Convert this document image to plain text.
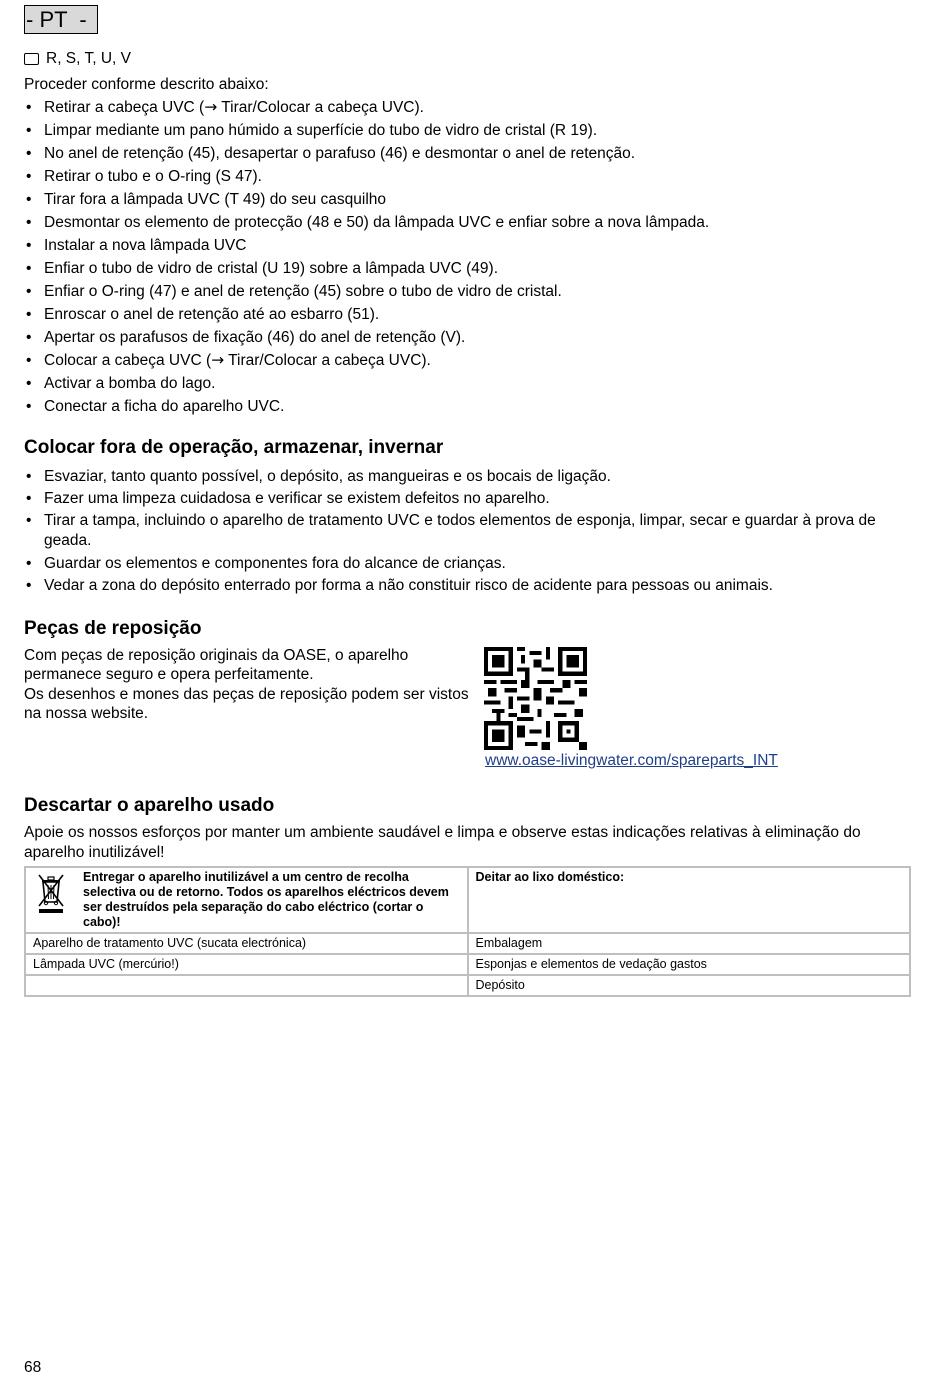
- PT  -
R, S, T, U, V
Proceder conforme descrito abaixo:
• Retirar a cabeça UVC (→ Tirar/Colocar a cabeça UVC).
• Limpar mediante um pano húmido a superfície do tubo de vidro de cristal (R 19).
• No anel de retenção (45), desapertar o parafuso (46) e desmontar o anel de retenção.
• Retirar o tubo e o O-ring (S 47).
• Tirar fora a lâmpada UVC (T 49) do seu casquilho
• Desmontar os elemento de protecção (48 e 50) da lâmpada UVC e enfiar sobre a nova lâmpada.
• Instalar a nova lâmpada UVC
• Enfiar o tubo de vidro de cristal (U 19) sobre a lâmpada UVC (49).
• Enfiar o O-ring (47) e anel de retenção (45) sobre o tubo de vidro de cristal.
• Enroscar o anel de retenção até ao esbarro (51).
• Apertar os parafusos de fixação (46) do anel de retenção (V).
• Colocar a cabeça UVC (→ Tirar/Colocar a cabeça UVC).
• Activar a bomba do lago.
• Conectar a ficha do aparelho UVC.
Colocar fora de operação, armazenar, invernar
• Esvaziar, tanto quanto possível, o depósito, as mangueiras e os bocais de ligação.
• Fazer uma limpeza cuidadosa e verificar se existem defeitos no aparelho.
• Tirar a tampa, incluindo o aparelho de tratamento UVC e todos elementos de esponja, limpar, secar e guardar à prova de geada.
• Guardar os elementos e componentes fora do alcance de crianças.
• Vedar a zona do depósito enterrado por forma a não constituir risco de acidente para pessoas ou animais.
Peças de reposição
Com peças de reposição originais da OASE, o aparelho permanece seguro e opera perfeitamente.
Os desenhos e mones das peças de reposição podem ser vistos na nossa website.
www.oase-livingwater.com/spareparts_INT
Descartar o aparelho usado
Apoie os nossos esforços por manter um ambiente saudável e limpa e observe estas indicações relativas à eliminação do aparelho inutilizável!
Entregar o aparelho inutilizável a um centro de recolha selectiva ou de retorno. Todos os aparelhos eléctricos devem ser destruídos pela separação do cabo eléctrico (cortar o cabo)!	Deitar ao lixo doméstico:
Aparelho de tratamento UVC (sucata electrónica)	Embalagem
Lâmpada UVC (mercúrio!)	Esponjas e elementos de vedação gastos
	Depósito
68
